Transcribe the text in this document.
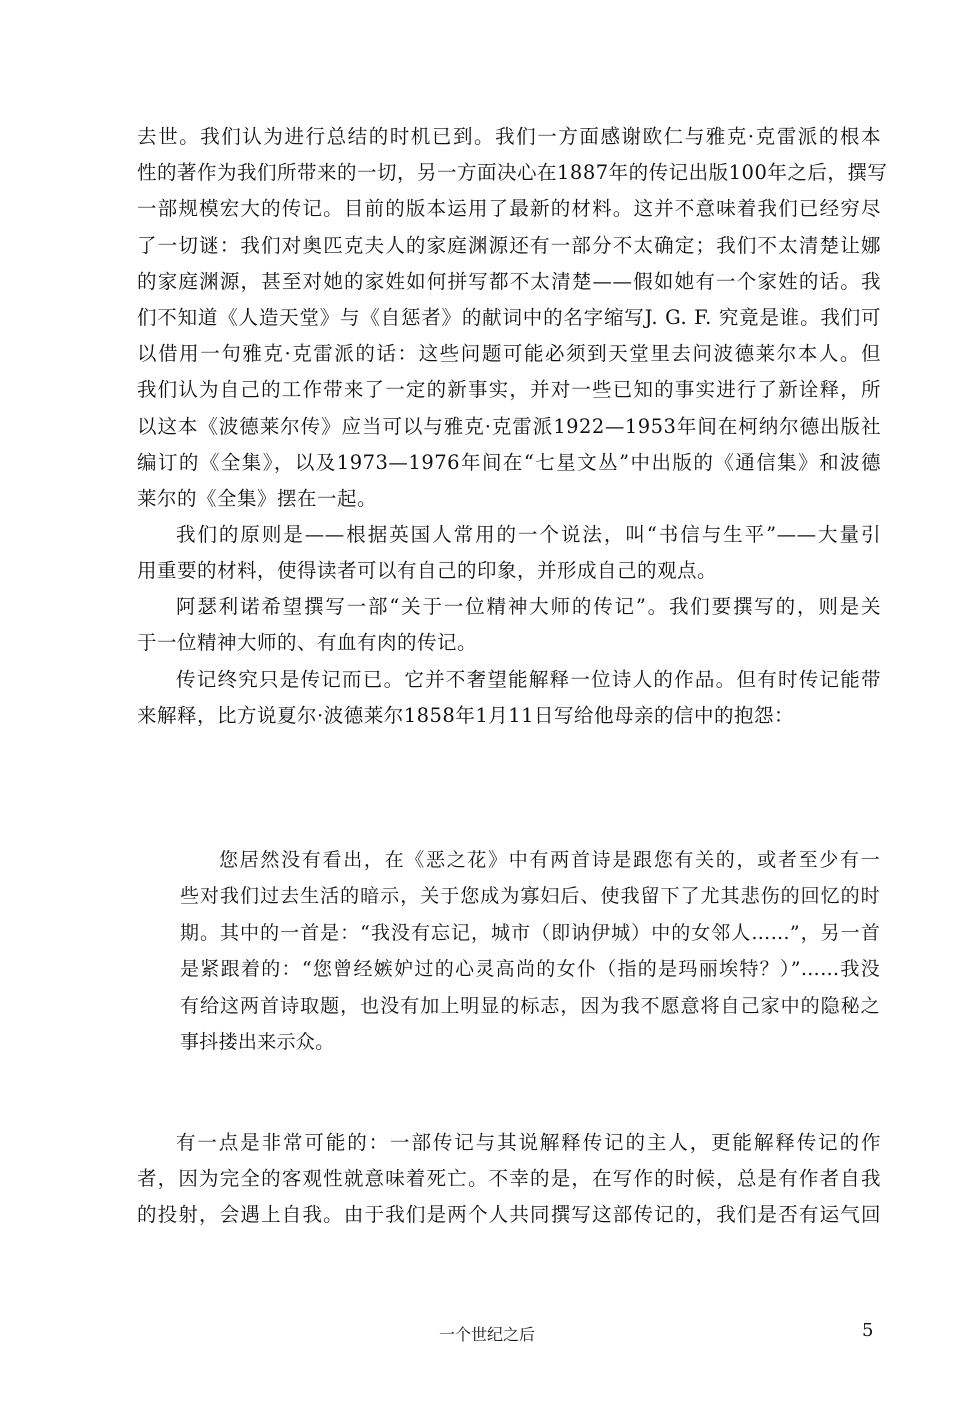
去世。我们认为进行总结的时机已到。我们一方面感谢欧仁与雅克·克雷派的根本
性的著作为我们所带来的一切，另一方面决心在1887年的传记出版100年之后，撰写
一部规模宏大的传记。目前的版本运用了最新的材料。这并不意味着我们已经穷尽
了一切谜：我们对奥匹克夫人的家庭渊源还有一部分不太确定；我们不太清楚让娜
的家庭渊源，甚至对她的家姓如何拼写都不太清楚——假如她有一个家姓的话。我
们不知道《人造天堂》与《自惩者》的献词中的名字缩写J. G. F. 究竟是谁。我们可
以借用一句雅克·克雷派的话：这些问题可能必须到天堂里去问波德莱尔本人。但
我们认为自己的工作带来了一定的新事实，并对一些已知的事实进行了新诠释，所
以这本《波德莱尔传》应当可以与雅克·克雷派1922—1953年间在柯纳尔德出版社
编订的《全集》，以及1973—1976年间在“七星文丛”中出版的《通信集》和波德
莱尔的《全集》摆在一起。
我们的原则是——根据英国人常用的一个说法，叫“书信与生平”——大量引
用重要的材料，使得读者可以有自己的印象，并形成自己的观点。
阿瑟利诺希望撰写一部“关于一位精神大师的传记”。我们要撰写的，则是关
于一位精神大师的、有血有肉的传记。
传记终究只是传记而已。它并不奢望能解释一位诗人的作品。但有时传记能带
来解释，比方说夏尔·波德莱尔1858年1月11日写给他母亲的信中的抱怨：
您居然没有看出，在《恶之花》中有两首诗是跟您有关的，或者至少有一
些对我们过去生活的暗示，关于您成为寡妇后、使我留下了尤其悲伤的回忆的时
期。其中的一首是：“我没有忘记，城市（即讷伊城）中的女邻人……”，另一首
是紧跟着的：“您曾经嫉妒过的心灵高尚的女仆（指的是玛丽埃特？）”……我没
有给这两首诗取题，也没有加上明显的标志，因为我不愿意将自己家中的隐秘之
事抖搂出来示众。
有一点是非常可能的：一部传记与其说解释传记的主人，更能解释传记的作
者，因为完全的客观性就意味着死亡。不幸的是，在写作的时候，总是有作者自我
的投射，会遇上自我。由于我们是两个人共同撰写这部传记的，我们是否有运气回
一个世纪之后	5
